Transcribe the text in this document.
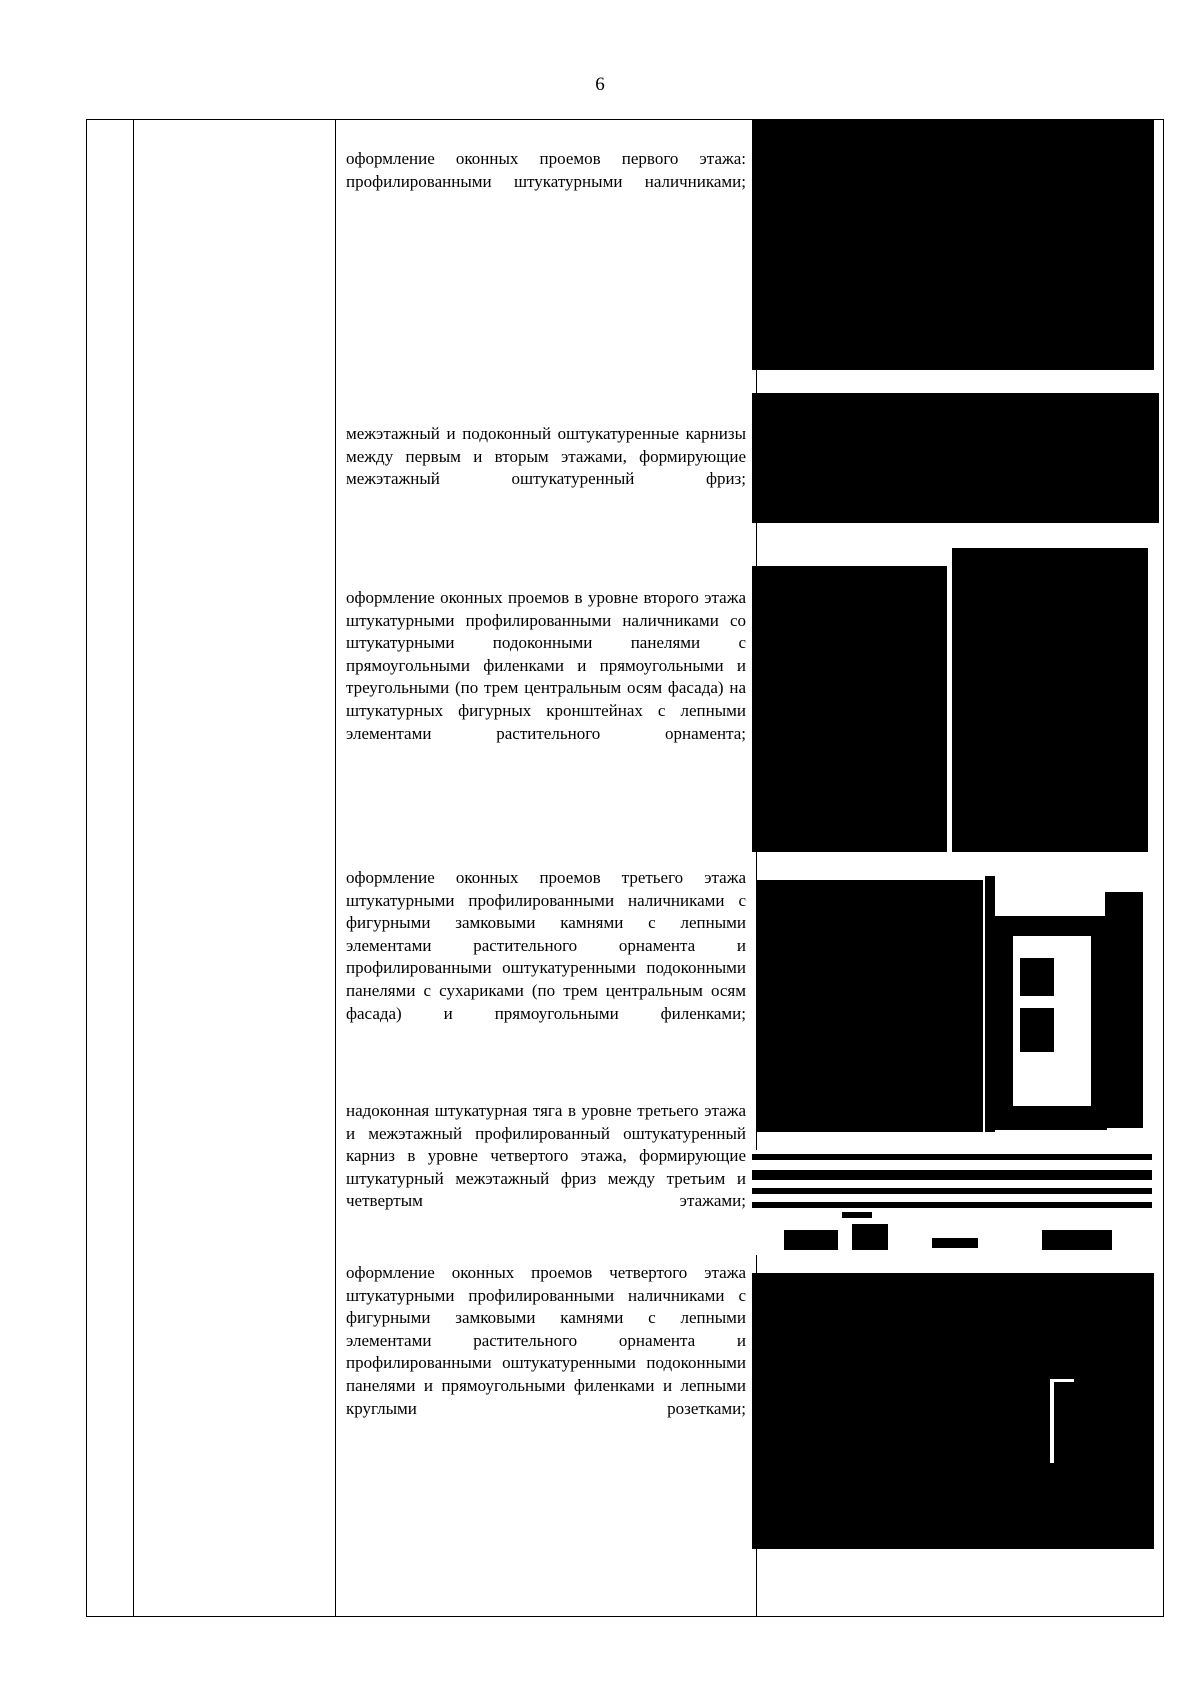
6
оформление оконных проемов первого этажа: профилированными штукатурными наличниками;
межэтажный и подоконный оштукатуренные карнизы между первым и вторым этажами, формирующие межэтажный оштукатуренный фриз;
оформление оконных проемов в уровне второго этажа штукатурными профилированными наличниками со штукатурными подоконными панелями с прямоугольными филенками и прямоугольными и треугольными (по трем центральным осям фасада) на штукатурных фигурных кронштейнах с лепными элементами растительного орнамента;
оформление оконных проемов третьего этажа штукатурными профилированными наличниками с фигурными замковыми камнями с лепными элементами растительного орнамента и профилированными оштукатуренными подоконными панелями с сухариками (по трем центральным осям фасада) и прямоугольными филенками;
надоконная штукатурная тяга в уровне третьего этажа и межэтажный профилированный оштукатуренный карниз в уровне четвертого этажа, формирующие штукатурный межэтажный фриз между третьим и четвертым этажами;
оформление оконных проемов четвертого этажа штукатурными профилированными наличниками с фигурными замковыми камнями с лепными элементами растительного орнамента и профилированными оштукатуренными подоконными панелями и прямоугольными филенками и лепными круглыми розетками;
